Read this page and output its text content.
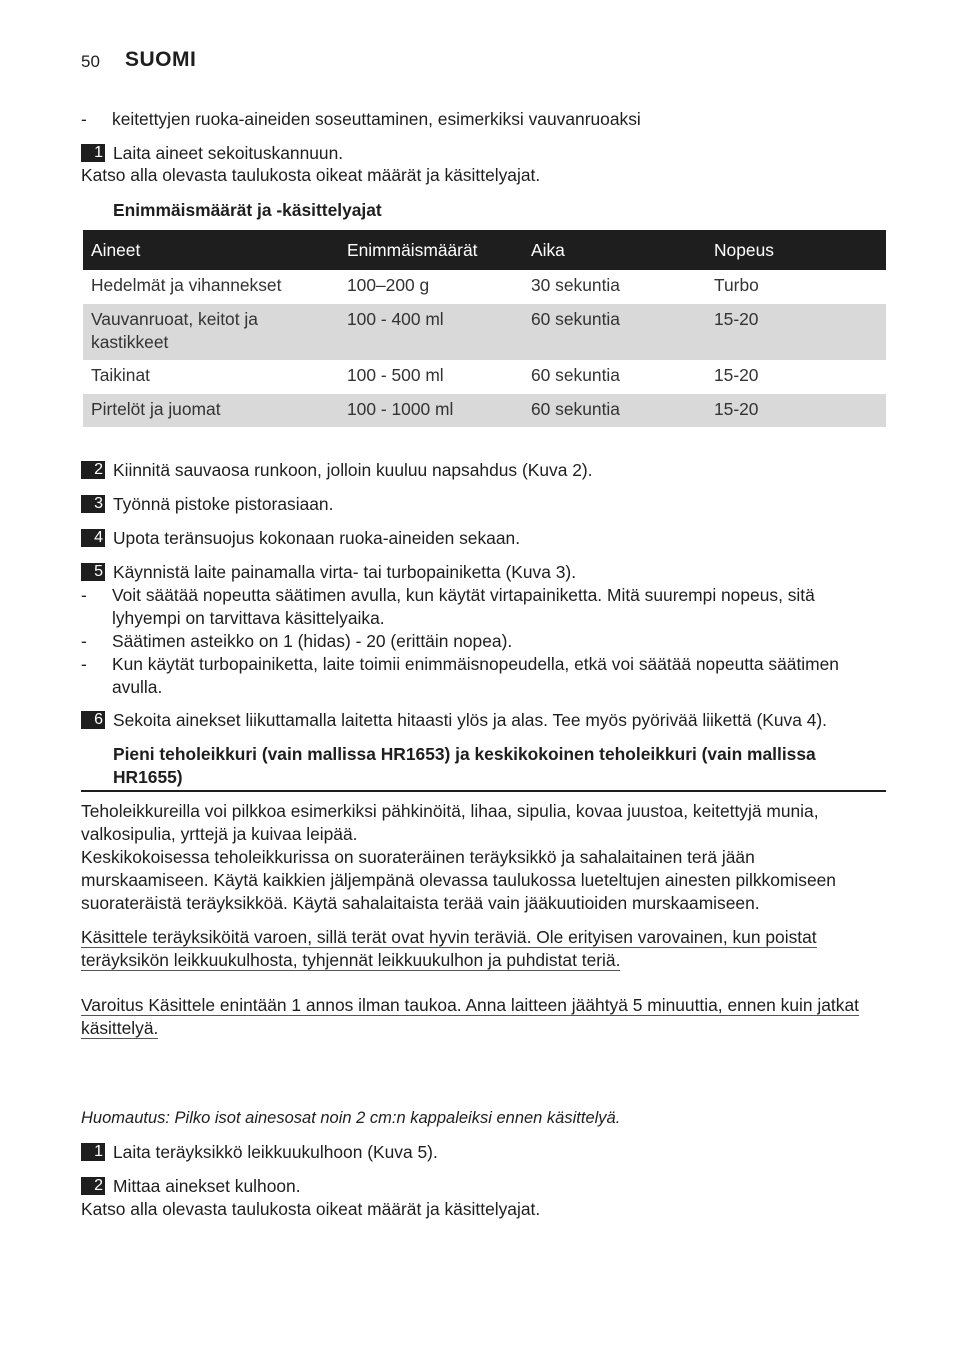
50 SUOMI
- keitettyjen ruoka-aineiden soseuttaminen, esimerkiksi vauvanruoaksi
1 Laita aineet sekoituskannuun.
Katso alla olevasta taulukosta oikeat määrät ja käsittelyajat.
Enimmäismäärät ja -käsittelyajat
Aineet	Enimmäismäärät	Aika	Nopeus
Hedelmät ja vihannekset	100–200 g	30 sekuntia	Turbo
Vauvanruoat, keitot ja kastikkeet	100 - 400 ml	60 sekuntia	15-20
Taikinat	100 - 500 ml	60 sekuntia	15-20
Pirtelöt ja juomat	100 - 1000 ml	60 sekuntia	15-20
2 Kiinnitä sauvaosa runkoon, jolloin kuuluu napsahdus (Kuva 2).
3 Työnnä pistoke pistorasiaan.
4 Upota teränsuojus kokonaan ruoka-aineiden sekaan.
5 Käynnistä laite painamalla virta- tai turbopainiketta (Kuva 3).
- Voit säätää nopeutta säätimen avulla, kun käytät virtapainiketta. Mitä suurempi nopeus, sitä lyhyempi on tarvittava käsittelyaika.
- Säätimen asteikko on 1 (hidas) - 20 (erittäin nopea).
- Kun käytät turbopainiketta, laite toimii enimmäisnopeudella, etkä voi säätää nopeutta säätimen avulla.
6 Sekoita ainekset liikuttamalla laitetta hitaasti ylös ja alas. Tee myös pyörivää liikettä (Kuva 4).
Pieni teholeikkuri (vain mallissa HR1653) ja keskikokoinen teholeikkuri (vain mallissa HR1655)
Teholeikkureilla voi pilkkoa esimerkiksi pähkinöitä, lihaa, sipulia, kovaa juustoa, keitettyjä munia, valkosipulia, yrttejä ja kuivaa leipää.
Keskikokoisessa teholeikkurissa on suorateräinen teräyksikkö ja sahalaitainen terä jään murskaamiseen. Käytä kaikkien jäljempänä olevassa taulukossa lueteltujen ainesten pilkkomiseen suorateräistä teräyksikköä. Käytä sahalaitaista terää vain jääkuutioiden murskaamiseen.
Käsittele teräyksiköitä varoen, sillä terät ovat hyvin teräviä. Ole erityisen varovainen, kun poistat teräyksikön leikkuukulhosta, tyhjennät leikkuukulhon ja puhdistat teriä.
Varoitus Käsittele enintään 1 annos ilman taukoa. Anna laitteen jäähtyä 5 minuuttia, ennen kuin jatkat käsittelyä.
Huomautus: Pilko isot ainesosat noin 2 cm:n kappaleiksi ennen käsittelyä.
1 Laita teräyksikkö leikkuukulhoon (Kuva 5).
2 Mittaa ainekset kulhoon.
Katso alla olevasta taulukosta oikeat määrät ja käsittelyajat.
